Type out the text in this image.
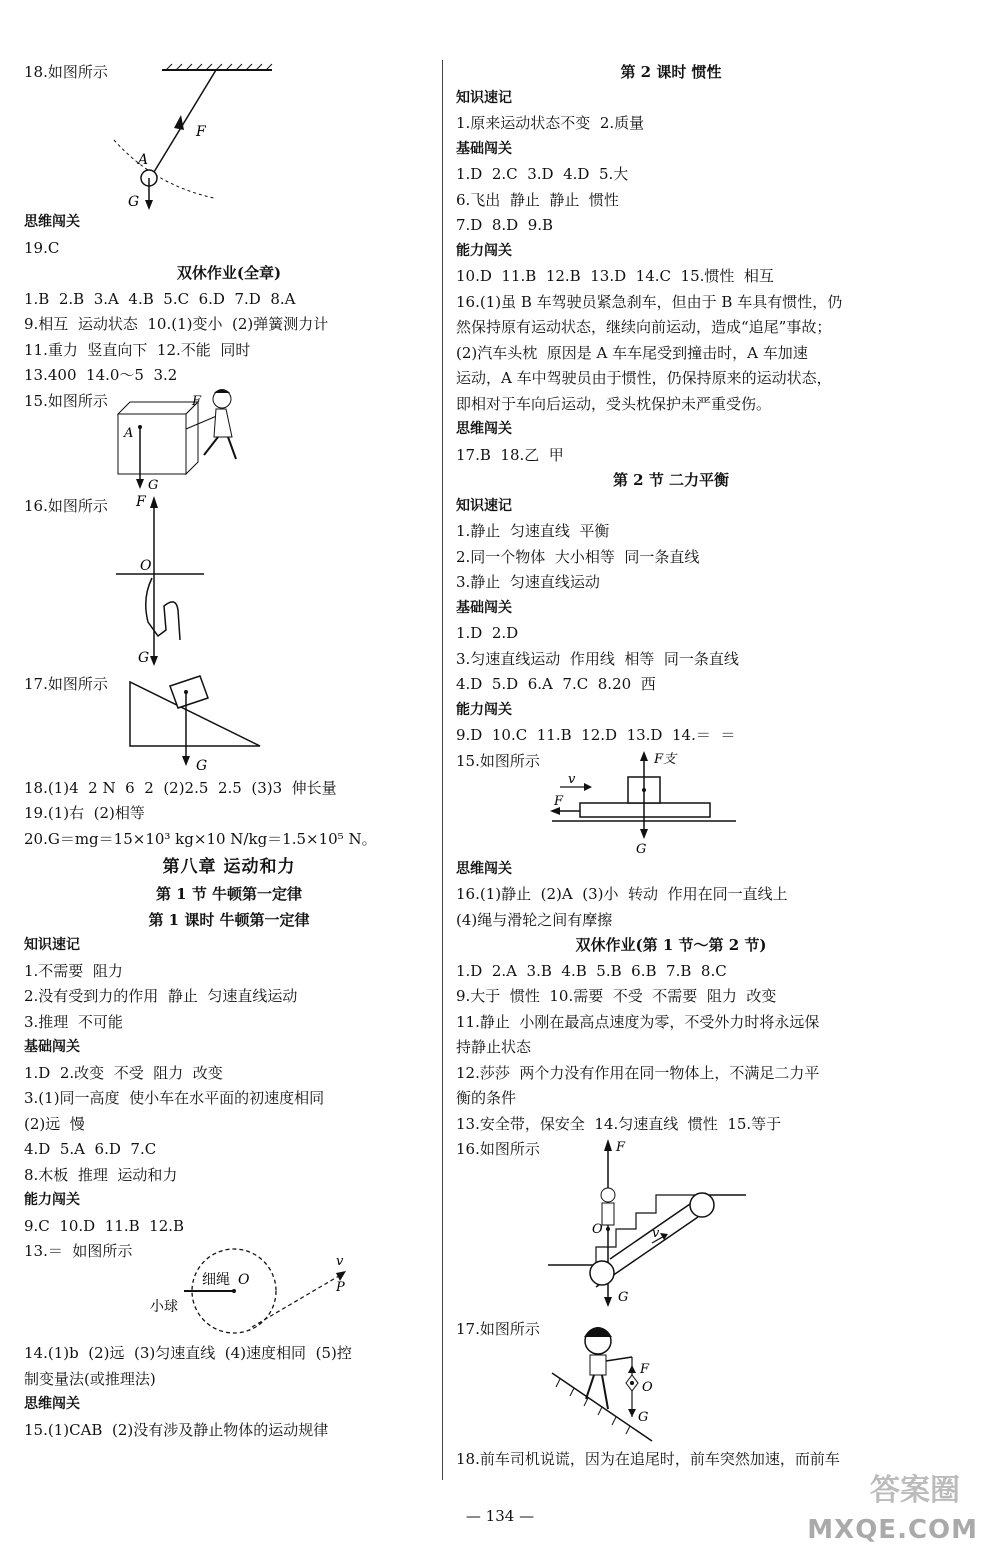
18.如图所示
F
A
G
思维闯关
19.C
双休作业(全章)
1.B  2.B  3.A  4.B  5.C  6.D  7.D  8.A
9.相互  运动状态  10.(1)变小  (2)弹簧测力计
11.重力  竖直向下  12.不能  同时
13.400  14.0～5  3.2
15.如图所示	F
A
G
16.如图所示 F
O
G
17.如图所示
G
18.(1)4  2 N  6  2  (2)2.5  2.5  (3)3  伸长量
19.(1)右  (2)相等
20.G＝mg＝15×10³ kg×10 N/kg＝1.5×10⁵ N。
第八章 运动和力
第 1 节 牛顿第一定律
第 1 课时 牛顿第一定律
知识速记
1.不需要  阻力
2.没有受到力的作用  静止  匀速直线运动
3.推理  不可能
基础闯关
1.D  2.改变  不受  阻力  改变
3.(1)同一高度  使小车在水平面的初速度相同
(2)远  慢
4.D  5.A  6.D  7.C
8.木板  推理  运动和力
能力闯关
9.C  10.D  11.B  12.B
13.＝  如图所示
细绳 O
小球
v
P
14.(1)b  (2)远  (3)匀速直线  (4)速度相同  (5)控
制变量法(或推理法)
思维闯关
15.(1)CAB  (2)没有涉及静止物体的运动规律
第 2 课时 惯性
知识速记
1.原来运动状态不变  2.质量
基础闯关
1.D  2.C  3.D  4.D  5.大
6.飞出  静止  静止  惯性
7.D  8.D  9.B
能力闯关
10.D  11.B  12.B  13.D  14.C  15.惯性  相互
16.(1)虽 B 车驾驶员紧急刹车，但由于 B 车具有惯性，仍
然保持原有运动状态，继续向前运动，造成“追尾”事故；
(2)汽车头枕  原因是 A 车车尾受到撞击时，A 车加速
运动，A 车中驾驶员由于惯性，仍保持原来的运动状态，
即相对于车向后运动，受头枕保护未严重受伤。
思维闯关
17.B  18.乙  甲
第 2 节 二力平衡
知识速记
1.静止  匀速直线  平衡
2.同一个物体  大小相等  同一条直线
3.静止  匀速直线运动
基础闯关
1.D  2.D
3.匀速直线运动  作用线  相等  同一条直线
4.D  5.D  6.A  7.C  8.20  西
能力闯关
9.D  10.C  11.B  12.D  13.D  14.＝  ＝
15.如图所示	F支
v
F
G
思维闯关
16.(1)静止  (2)A  (3)小  转动  作用在同一直线上
(4)绳与滑轮之间有摩擦
双休作业(第 1 节～第 2 节)
1.D  2.A  3.B  4.B  5.B  6.B  7.B  8.C
9.大于  惯性  10.需要  不受  不需要  阻力  改变
11.静止  小刚在最高点速度为零，不受外力时将永远保
持静止状态
12.莎莎  两个力没有作用在同一物体上，不满足二力平
衡的条件
13.安全带，保安全  14.匀速直线  惯性  15.等于
16.如图所示	F
O	v
G
17.如图所示
F
O
G
18.前车司机说谎，因为在追尾时，前车突然加速，而前车
— 134 —
答案圈
MXQE.COM
